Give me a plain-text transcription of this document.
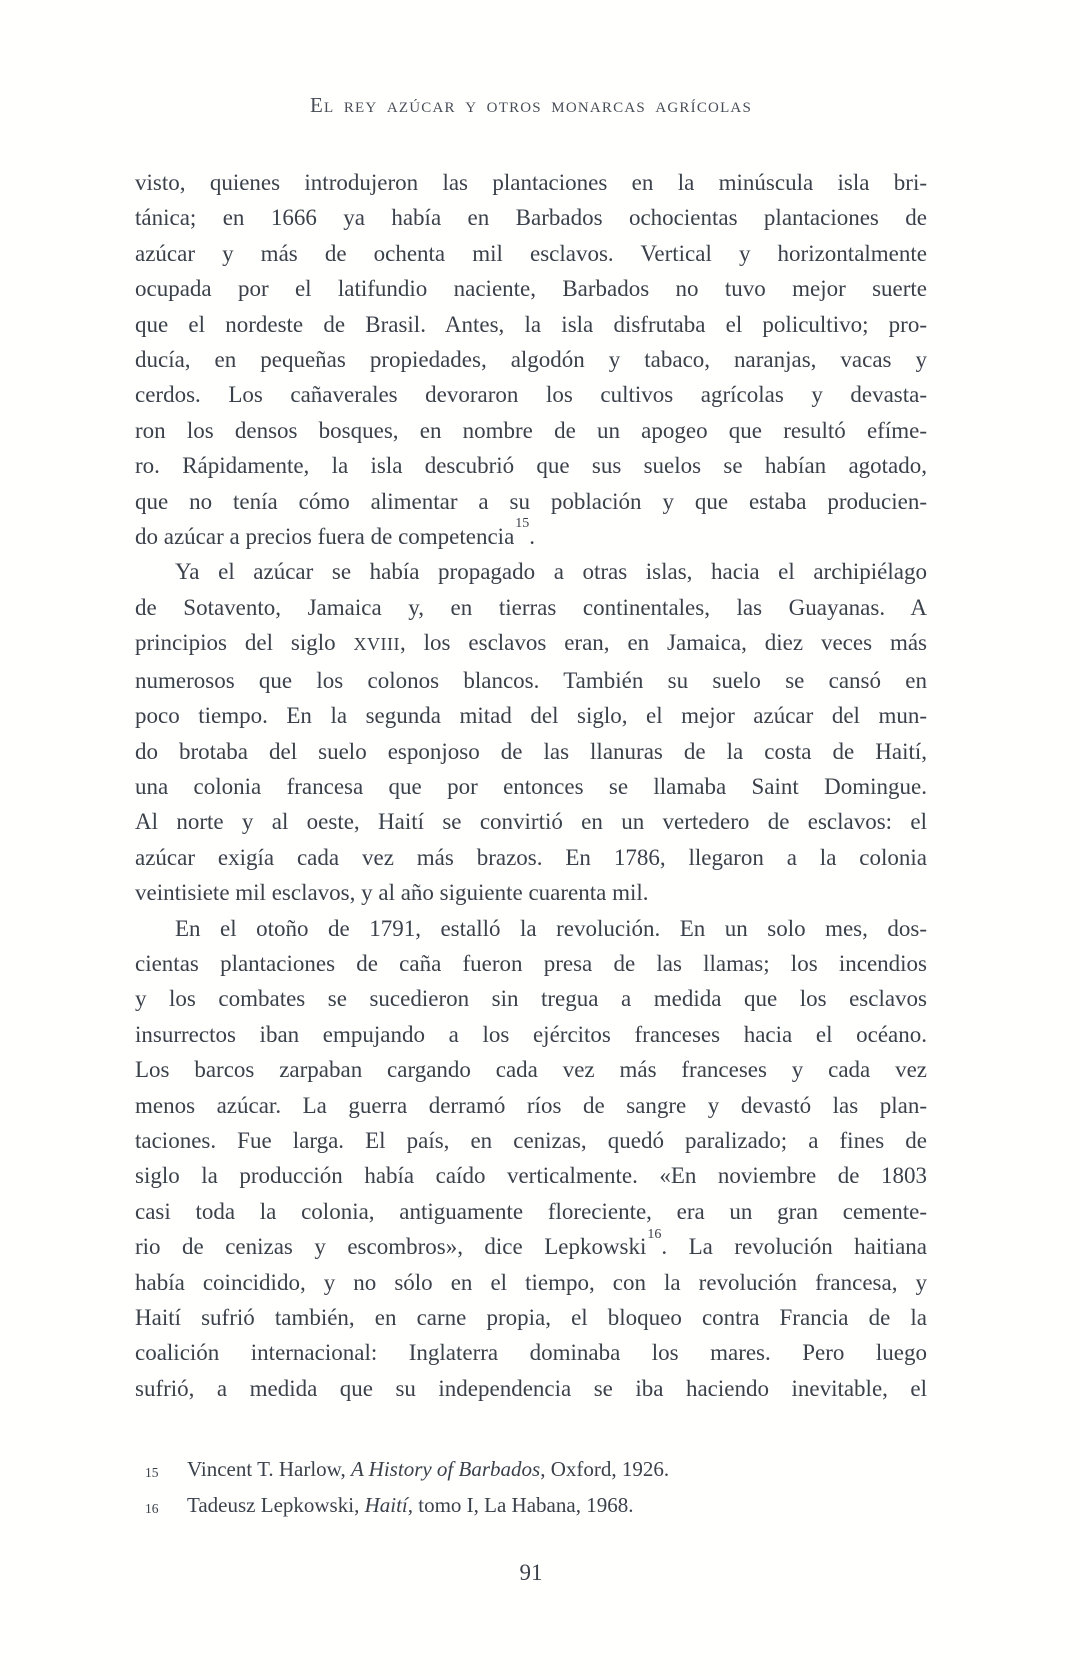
El rey azúcar y otros monarcas agrícolas
visto, quienes introdujeron las plantaciones en la minúscula isla bri-
tánica; en 1666 ya había en Barbados ochocientas plantaciones de
azúcar y más de ochenta mil esclavos. Vertical y horizontalmente
ocupada por el latifundio naciente, Barbados no tuvo mejor suerte
que el nordeste de Brasil. Antes, la isla disfrutaba el policultivo; pro-
ducía, en pequeñas propiedades, algodón y tabaco, naranjas, vacas y
cerdos. Los cañaverales devoraron los cultivos agrícolas y devasta-
ron los densos bosques, en nombre de un apogeo que resultó efíme-
ro. Rápidamente, la isla descubrió que sus suelos se habían agotado,
que no tenía cómo alimentar a su población y que estaba producien-
do azúcar a precios fuera de competencia$^{15}$.
Ya el azúcar se había propagado a otras islas, hacia el archipiélago
de Sotavento, Jamaica y, en tierras continentales, las Guayanas. A
principios del siglo XVIII, los esclavos eran, en Jamaica, diez veces más
numerosos que los colonos blancos. También su suelo se cansó en
poco tiempo. En la segunda mitad del siglo, el mejor azúcar del mun-
do brotaba del suelo esponjoso de las llanuras de la costa de Haití,
una colonia francesa que por entonces se llamaba Saint Domingue.
Al norte y al oeste, Haití se convirtió en un vertedero de esclavos: el
azúcar exigía cada vez más brazos. En 1786, llegaron a la colonia
veintisiete mil esclavos, y al año siguiente cuarenta mil.
En el otoño de 1791, estalló la revolución. En un solo mes, dos-
cientas plantaciones de caña fueron presa de las llamas; los incendios
y los combates se sucedieron sin tregua a medida que los esclavos
insurrectos iban empujando a los ejércitos franceses hacia el océano.
Los barcos zarpaban cargando cada vez más franceses y cada vez
menos azúcar. La guerra derramó ríos de sangre y devastó las plan-
taciones. Fue larga. El país, en cenizas, quedó paralizado; a fines de
siglo la producción había caído verticalmente. «En noviembre de 1803
casi toda la colonia, antiguamente floreciente, era un gran cemente-
rio de cenizas y escombros», dice Lepkowski$^{16}$. La revolución haitiana
había coincidido, y no sólo en el tiempo, con la revolución francesa, y
Haití sufrió también, en carne propia, el bloqueo contra Francia de la
coalición internacional: Inglaterra dominaba los mares. Pero luego
sufrió, a medida que su independencia se iba haciendo inevitable, el
15	Vincent T. Harlow, A History of Barbados, Oxford, 1926.
16	Tadeusz Lepkowski, Haití, tomo I, La Habana, 1968.
91
